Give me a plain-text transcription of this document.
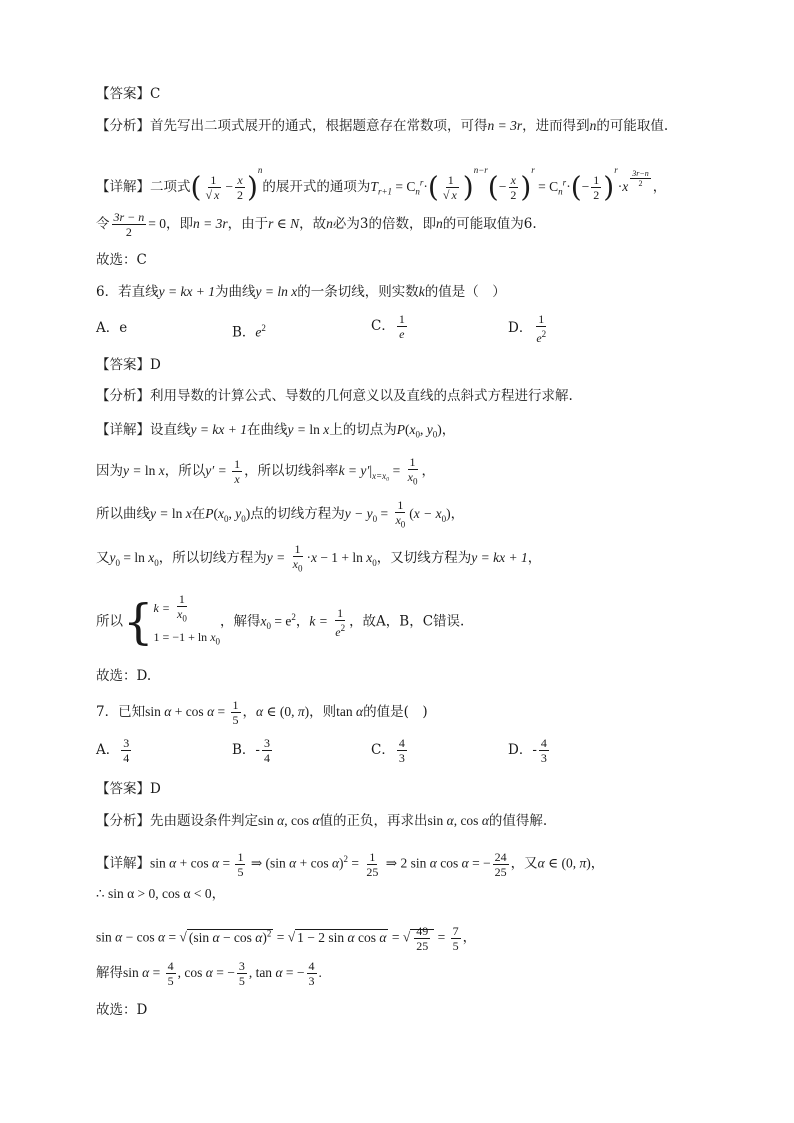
【答案】C
【分析】首先写出二项式展开的通式，根据题意存在常数项，可得n = 3r，进而得到n的可能取值.
【详解】二项式( $\frac{1}{√ x} - \frac{x}{2} )^n$的展开式的通项为$T_{r+1} = C_n^r\cdot( \frac{1}{√ x} )^{n-r}(- \frac{x}{2} )^r = C_n^r\cdot(- \frac{1}{2} )^r\cdot x$ $^{\frac{3r-n}{2}}$ ，
令 $\frac{3r - n}{2} = 0$，即n = 3r，由于r ∈ N，故n必为3的倍数，即n的可能取值为6.
故选：C
6．若直线y = kx + 1为曲线y = ln x的一条切线，则实数k的值是（　）
A．e	B．$e^2$	C． $\frac{1}{e}$	D． $\frac{1}{e^2}$
【答案】D
【分析】利用导数的计算公式、导数的几何意义以及直线的点斜式方程进行求解.
【详解】设直线y = kx + 1在曲线y = ln x上的切点为$P(x_0$, $y_0$)，
因为y = ln x，所以$y' = \frac{1}{x}$ ，所以切线斜率$k = y'|_{x=x_0} = \frac{1}{x_0}$ ，
所以曲线y = ln x在$P(x_0$, $y_0$)点的切线方程为$y - y_0 = \frac{1}{x_0} (x - x_0)$，
又$y_0 = \ln x_0$，所以切线方程为$y = \frac{1}{x_0} \cdot x - 1 + \ln x_0$，又切线方程为y = kx + 1，
所以{ $k = \frac{1}{x_0}$
$1 = -1 + \ln x_0$
，解得$x_0 = e^2$，$k = \frac{1}{e^2}$ ，故A，B，C错误.
故选：D.
7．已知$\sin \alpha + \cos \alpha = \frac{1}{5}$ ，α ∈ (0, π)，则tan α的值是(　)
A． $\frac{3}{4}$	B．- $\frac{3}{4}$	C． $\frac{4}{3}$	D．- $\frac{4}{3}$
【答案】D
【分析】先由题设条件判定sin α, cos α值的正负，再求出sin α, cos α的值得解.
【详解】$\sin \alpha + \cos \alpha = \frac{1}{5}$ ⇒ (sin $\alpha + \cos \alpha)^2 = \frac{1}{25}$ ⇒ 2 sin α cos α = − $\frac{24}{25}$ ，又α ∈ (0, π)，
∴ sin α > 0, cos α < 0，
sin α − cos α = √ (sin α − cos α)$^2$ = √ 1 − 2 sin α cos α = √ $\frac{49}{25} = \frac{7}{5}$ ，
解得$\sin \alpha = \frac{4}{5}$ , cos α = − $\frac{3}{5}$ , tan α = − $\frac{4}{3}$ .
故选：D
